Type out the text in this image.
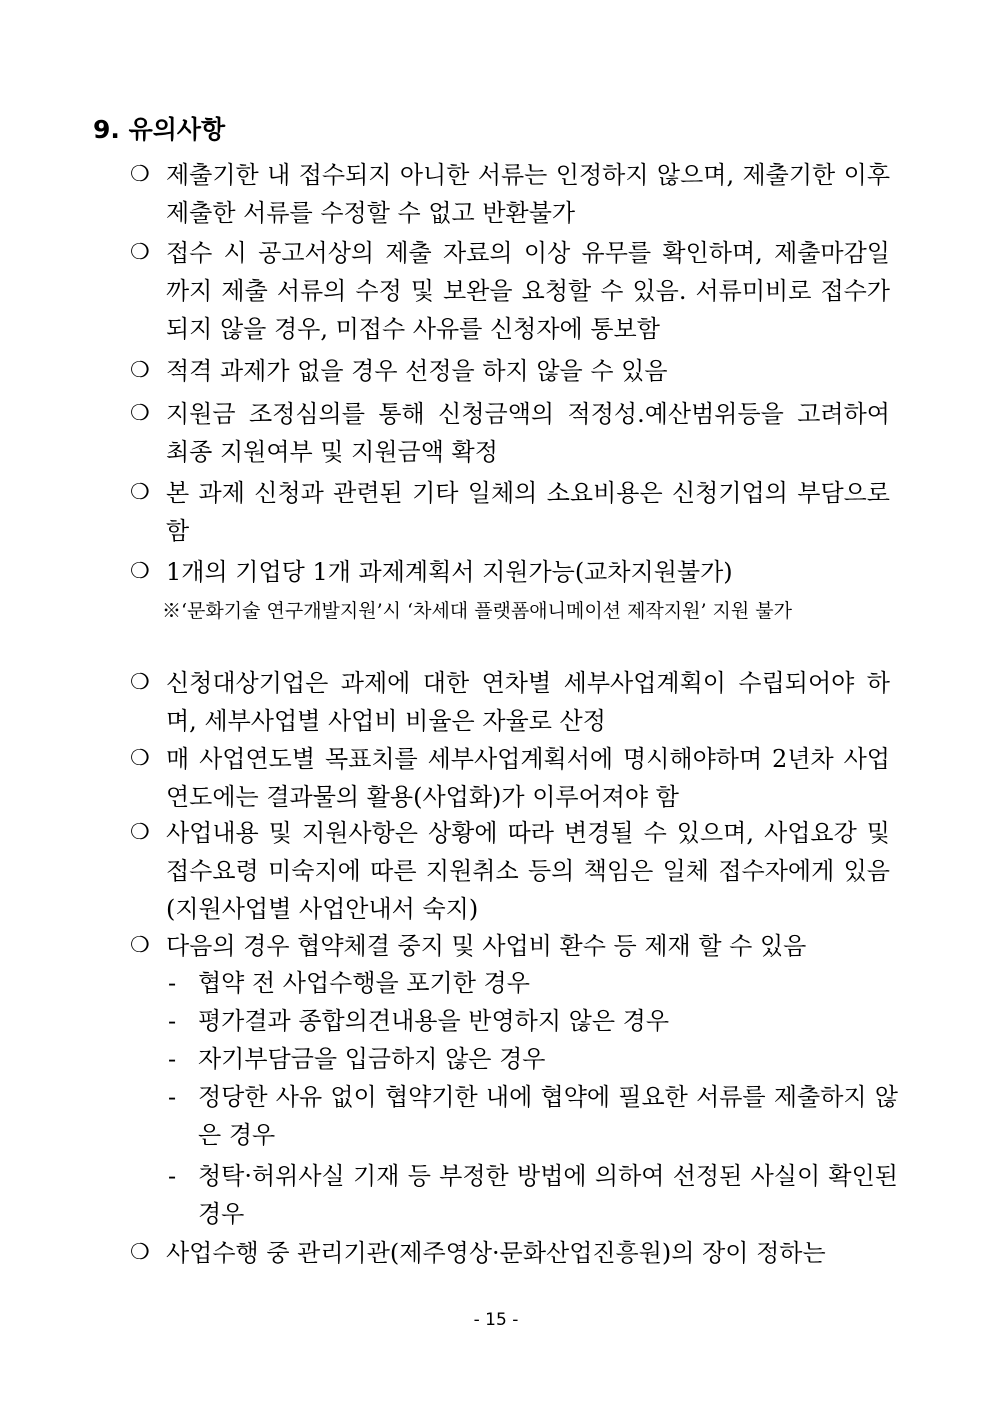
9. 유의사항
❍ 제출기한 내 접수되지 아니한 서류는 인정하지 않으며, 제출기한 이후 제출한 서류를 수정할 수 없고 반환불가
❍ 접수 시 공고서상의 제출 자료의 이상 유무를 확인하며, 제출마감일 까지 제출 서류의 수정 및 보완을 요청할 수 있음. 서류미비로 접수가 되지 않을 경우, 미접수 사유를 신청자에 통보함
❍ 적격 과제가 없을 경우 선정을 하지 않을 수 있음
❍ 지원금 조정심의를 통해 신청금액의 적정성.예산범위등을 고려하여 최종 지원여부 및 지원금액 확정
❍ 본 과제 신청과 관련된 기타 일체의 소요비용은 신청기업의 부담으로 함
❍ 1개의 기업당 1개 과제계획서 지원가능(교차지원불가)
※‘문화기술 연구개발지원’시 ‘차세대 플랫폼애니메이션 제작지원’ 지원 불가
❍ 신청대상기업은 과제에 대한 연차별 세부사업계획이 수립되어야 하며, 세부사업별 사업비 비율은 자율로 산정
❍ 매 사업연도별 목표치를 세부사업계획서에 명시해야하며 2년차 사업연도에는 결과물의 활용(사업화)가 이루어져야 함
❍ 사업내용 및 지원사항은 상황에 따라 변경될 수 있으며, 사업요강 및 접수요령 미숙지에 따른 지원취소 등의 책임은 일체 접수자에게 있음(지원사업별 사업안내서 숙지)
❍ 다음의 경우 협약체결 중지 및 사업비 환수 등 제재 할 수 있음
- 협약 전 사업수행을 포기한 경우
- 평가결과 종합의견내용을 반영하지 않은 경우
- 자기부담금을 입금하지 않은 경우
- 정당한 사유 없이 협약기한 내에 협약에 필요한 서류를 제출하지 않은 경우
- 청탁·허위사실 기재 등 부정한 방법에 의하여 선정된 사실이 확인된 경우
❍ 사업수행 중 관리기관(제주영상·문화산업진흥원)의 장이 정하는
- 15 -
